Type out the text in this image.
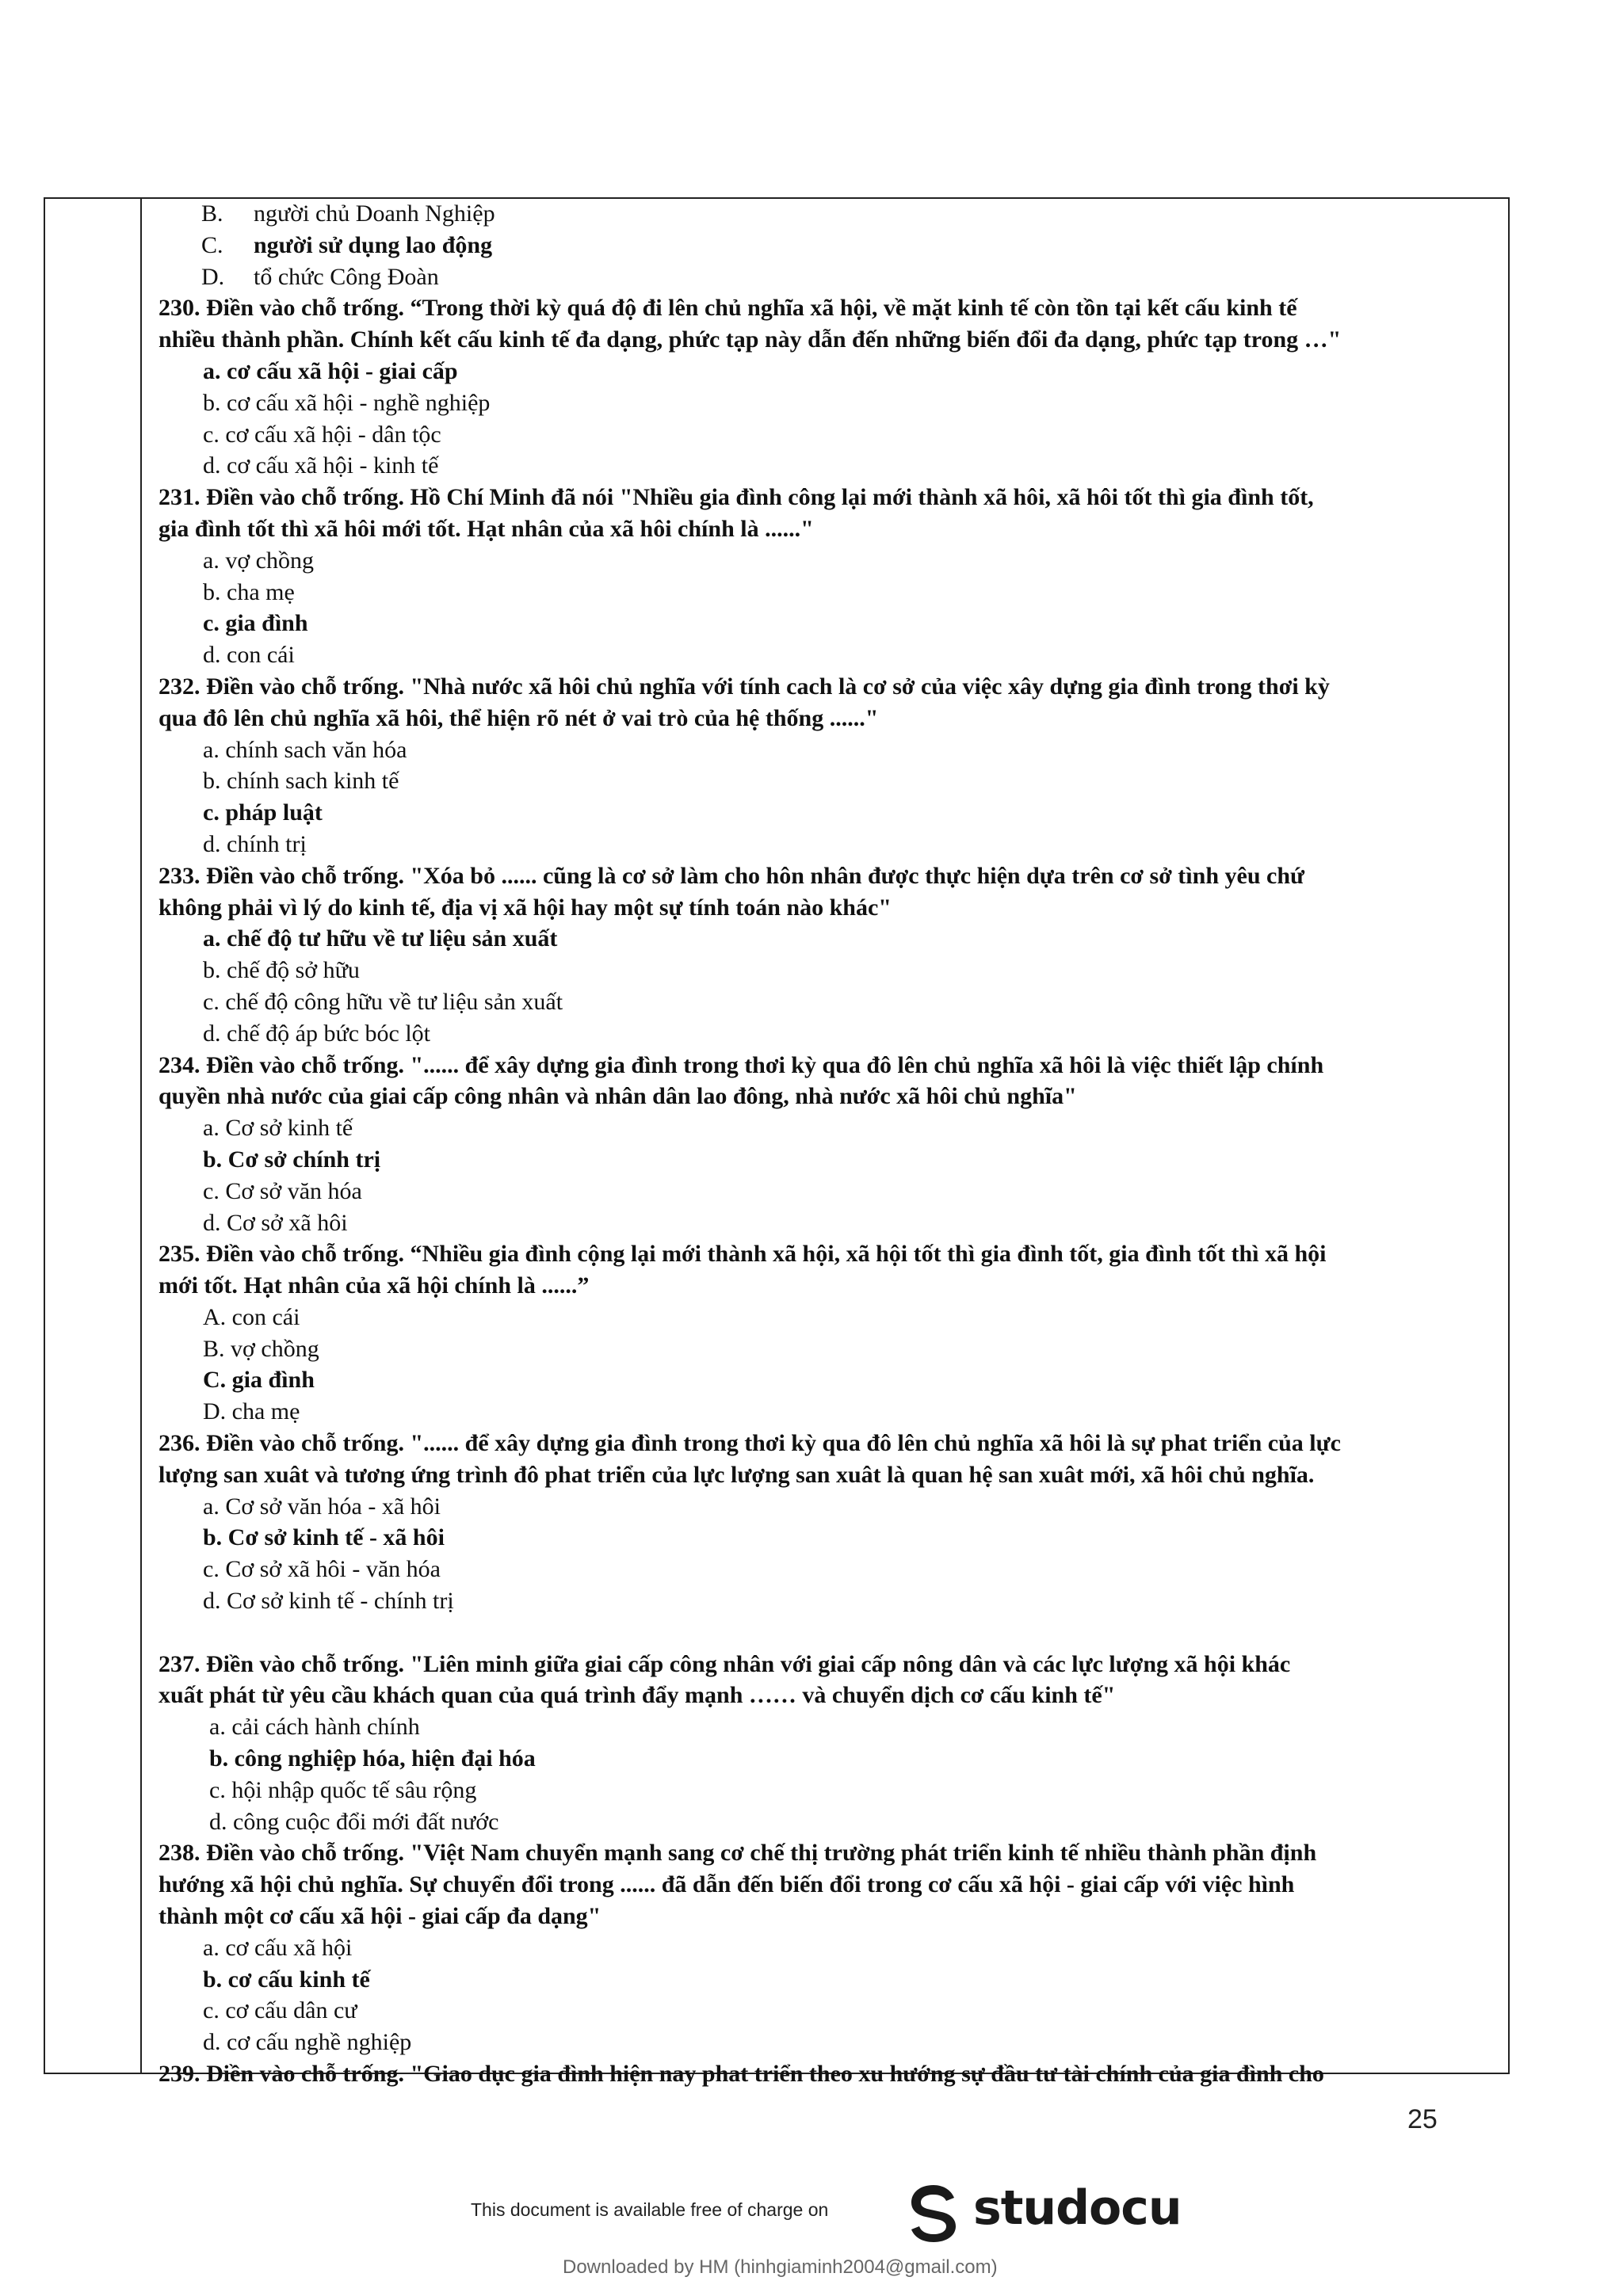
B. người chủ Doanh Nghiệp
C. người sử dụng lao động
D. tổ chức Công Đoàn
230. Điền vào chỗ trống. “Trong thời kỳ quá độ đi lên chủ nghĩa xã hội, về mặt kinh tế còn tồn tại kết cấu kinh tế
nhiều thành phần. Chính kết cấu kinh tế đa dạng, phức tạp này dẫn đến những biến đổi đa dạng, phức tạp trong …"
a. cơ cấu xã hội - giai cấp
b. cơ cấu xã hội - nghề nghiệp
c. cơ cấu xã hội - dân tộc
d. cơ cấu xã hội - kinh tế
231. Điền vào chỗ trống. Hồ Chí Minh đã nói "Nhiều gia đình công lại mới thành xã hôi, xã hôi tốt thì gia đình tốt,
gia đình tốt thì xã hôi mới tốt. Hạt nhân của xã hôi chính là ......"
a. vợ chồng
b. cha mẹ
c. gia đình
d. con cái
232. Điền vào chỗ trống. "Nhà nước xã hôi chủ nghĩa với tính cach là cơ sở của việc xây dựng gia đình trong thơi kỳ
qua đô lên chủ nghĩa xã hôi, thể hiện rõ nét ở vai trò của hệ thống ......"
a. chính sach văn hóa
b. chính sach kinh tế
c. pháp luật
d. chính trị
233. Điền vào chỗ trống. "Xóa bỏ ...... cũng là cơ sở làm cho hôn nhân được thực hiện dựa trên cơ sở tình yêu chứ
không phải vì lý do kinh tế, địa vị xã hội hay một sự tính toán nào khác"
a. chế độ tư hữu về tư liệu sản xuất
b. chế độ sở hữu
c. chế độ công hữu về tư liệu sản xuất
d. chế độ áp bức bóc lột
234. Điền vào chỗ trống. "...... để xây dựng gia đình trong thơi kỳ qua đô lên chủ nghĩa xã hôi là việc thiết lập chính
quyền nhà nước của giai cấp công nhân và nhân dân lao đông, nhà nước xã hôi chủ nghĩa"
a. Cơ sở kinh tế
b. Cơ sở chính trị
c. Cơ sở văn hóa
d. Cơ sở xã hôi
235. Điền vào chỗ trống. “Nhiều gia đình cộng lại mới thành xã hội, xã hội tốt thì gia đình tốt, gia đình tốt thì xã hội
mới tốt. Hạt nhân của xã hội chính là ......”
A. con cái
B. vợ chồng
C. gia đình
D. cha mẹ
236. Điền vào chỗ trống. "...... để xây dựng gia đình trong thơi kỳ qua đô lên chủ nghĩa xã hôi là sự phat triển của lực
lượng san xuât và tương ứng trình đô phat triển của lực lượng san xuât là quan hệ san xuât mới, xã hôi chủ nghĩa.
a. Cơ sở văn hóa - xã hôi
b. Cơ sở kinh tế - xã hôi
c. Cơ sở xã hôi - văn hóa
d. Cơ sở kinh tế - chính trị
237. Điền vào chỗ trống. "Liên minh giữa giai cấp công nhân với giai cấp nông dân và các lực lượng xã hội khác
xuất phát từ yêu cầu khách quan của quá trình đẩy mạnh …… và chuyển dịch cơ cấu kinh tế"
a. cải cách hành chính
b. công nghiệp hóa, hiện đại hóa
c. hội nhập quốc tế sâu rộng
d. công cuộc đổi mới đất nước
238. Điền vào chỗ trống. "Việt Nam chuyển mạnh sang cơ chế thị trường phát triển kinh tế nhiều thành phần định
hướng xã hội chủ nghĩa. Sự chuyển đổi trong ...... đã dẫn đến biến đổi trong cơ cấu xã hội - giai cấp với việc hình
thành một cơ cấu xã hội - giai cấp đa dạng"
a. cơ cấu xã hội
b. cơ cấu kinh tế
c. cơ cấu dân cư
d. cơ cấu nghề nghiệp
239. Điền vào chỗ trống. "Giao dục gia đình hiện nay phat triển theo xu hướng sự đầu tư tài chính của gia đình cho
25
This document is available free of charge on	studocu
Downloaded by HM (hinhgiaminh2004@gmail.com)
